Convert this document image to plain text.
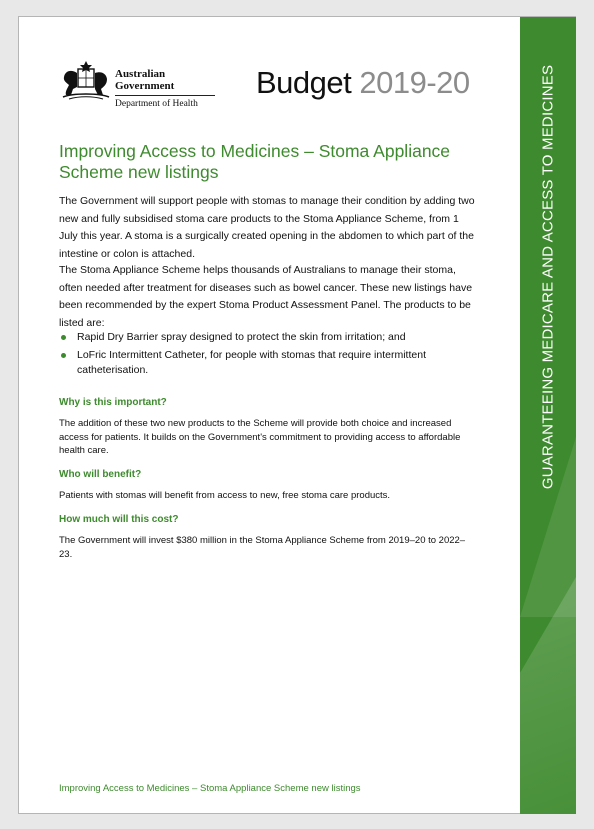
Australian Government
Department of Health
Budget 2019-20
Improving Access to Medicines – Stoma Appliance Scheme new listings

The Government will support people with stomas to manage their condition by adding two new and fully subsidised stoma care products to the Stoma Appliance Scheme, from 1 July this year. A stoma is a surgically created opening in the abdomen to which part of the intestine or colon is attached.

The Stoma Appliance Scheme helps thousands of Australians to manage their stoma, often needed after treatment for diseases such as bowel cancer. These new listings have been recommended by the expert Stoma Product Assessment Panel. The products to be listed are:

Rapid Dry Barrier spray designed to protect the skin from irritation; and
LoFric Intermittent Catheter, for people with stomas that require intermittent catheterisation.
Why is this important?

The addition of these two new products to the Scheme will provide both choice and increased access for patients. It builds on the Government's commitment to providing access to affordable health care.

Who will benefit?

Patients with stomas will benefit from access to new, free stoma care products.

How much will this cost?

The Government will invest $380 million in the Stoma Appliance Scheme from 2019–20 to 2022–23.

Improving Access to Medicines – Stoma Appliance Scheme new listings
GUARANTEEING MEDICARE AND ACCESS TO MEDICINES
